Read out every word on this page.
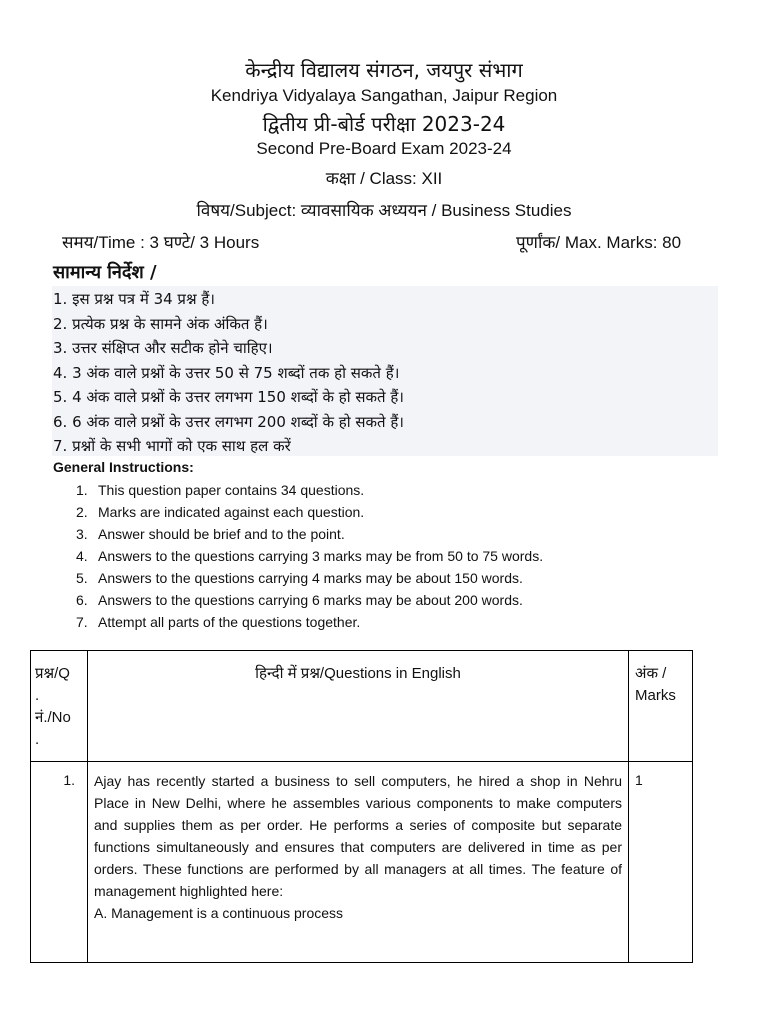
केन्द्रीय विद्यालय संगठन, जयपुर संभाग
Kendriya Vidyalaya Sangathan, Jaipur Region
द्वितीय प्री-बोर्ड परीक्षा 2023-24
Second Pre-Board Exam 2023-24
कक्षा / Class: XII
विषय/Subject: व्यावसायिक अध्ययन / Business Studies
समय/Time : 3 घण्टे/ 3 Hours	पूर्णांक/ Max. Marks: 80
सामान्य निर्देश /
1. इस प्रश्न पत्र में 34 प्रश्न हैं।
2. प्रत्येक प्रश्न के सामने अंक अंकित हैं।
3. उत्तर संक्षिप्त और सटीक होने चाहिए।
4. 3 अंक वाले प्रश्नों के उत्तर 50 से 75 शब्दों तक हो सकते हैं।
5. 4 अंक वाले प्रश्नों के उत्तर लगभग 150 शब्दों के हो सकते हैं।
6. 6 अंक वाले प्रश्नों के उत्तर लगभग 200 शब्दों के हो सकते हैं।
7. प्रश्नों के सभी भागों को एक साथ हल करें
General Instructions:
1. This question paper contains 34 questions.
2. Marks are indicated against each question.
3. Answer should be brief and to the point.
4. Answers to the questions carrying 3 marks may be from 50 to 75 words.
5. Answers to the questions carrying 4 marks may be about 150 words.
6. Answers to the questions carrying 6 marks may be about 200 words.
7. Attempt all parts of the questions together.
प्रश्न/Q
.
नं./No
.	हिन्दी में प्रश्न/Questions in English	अंक /
Marks

1.	Ajay has recently started a business to sell computers, he hired a shop in Nehru Place in New Delhi, where he assembles various components to make computers and supplies them as per order. He performs a series of composite but separate functions simultaneously and ensures that computers are delivered in time as per orders. These functions are performed by all managers at all times. The feature of management highlighted here:
A. Management is a continuous process	1
